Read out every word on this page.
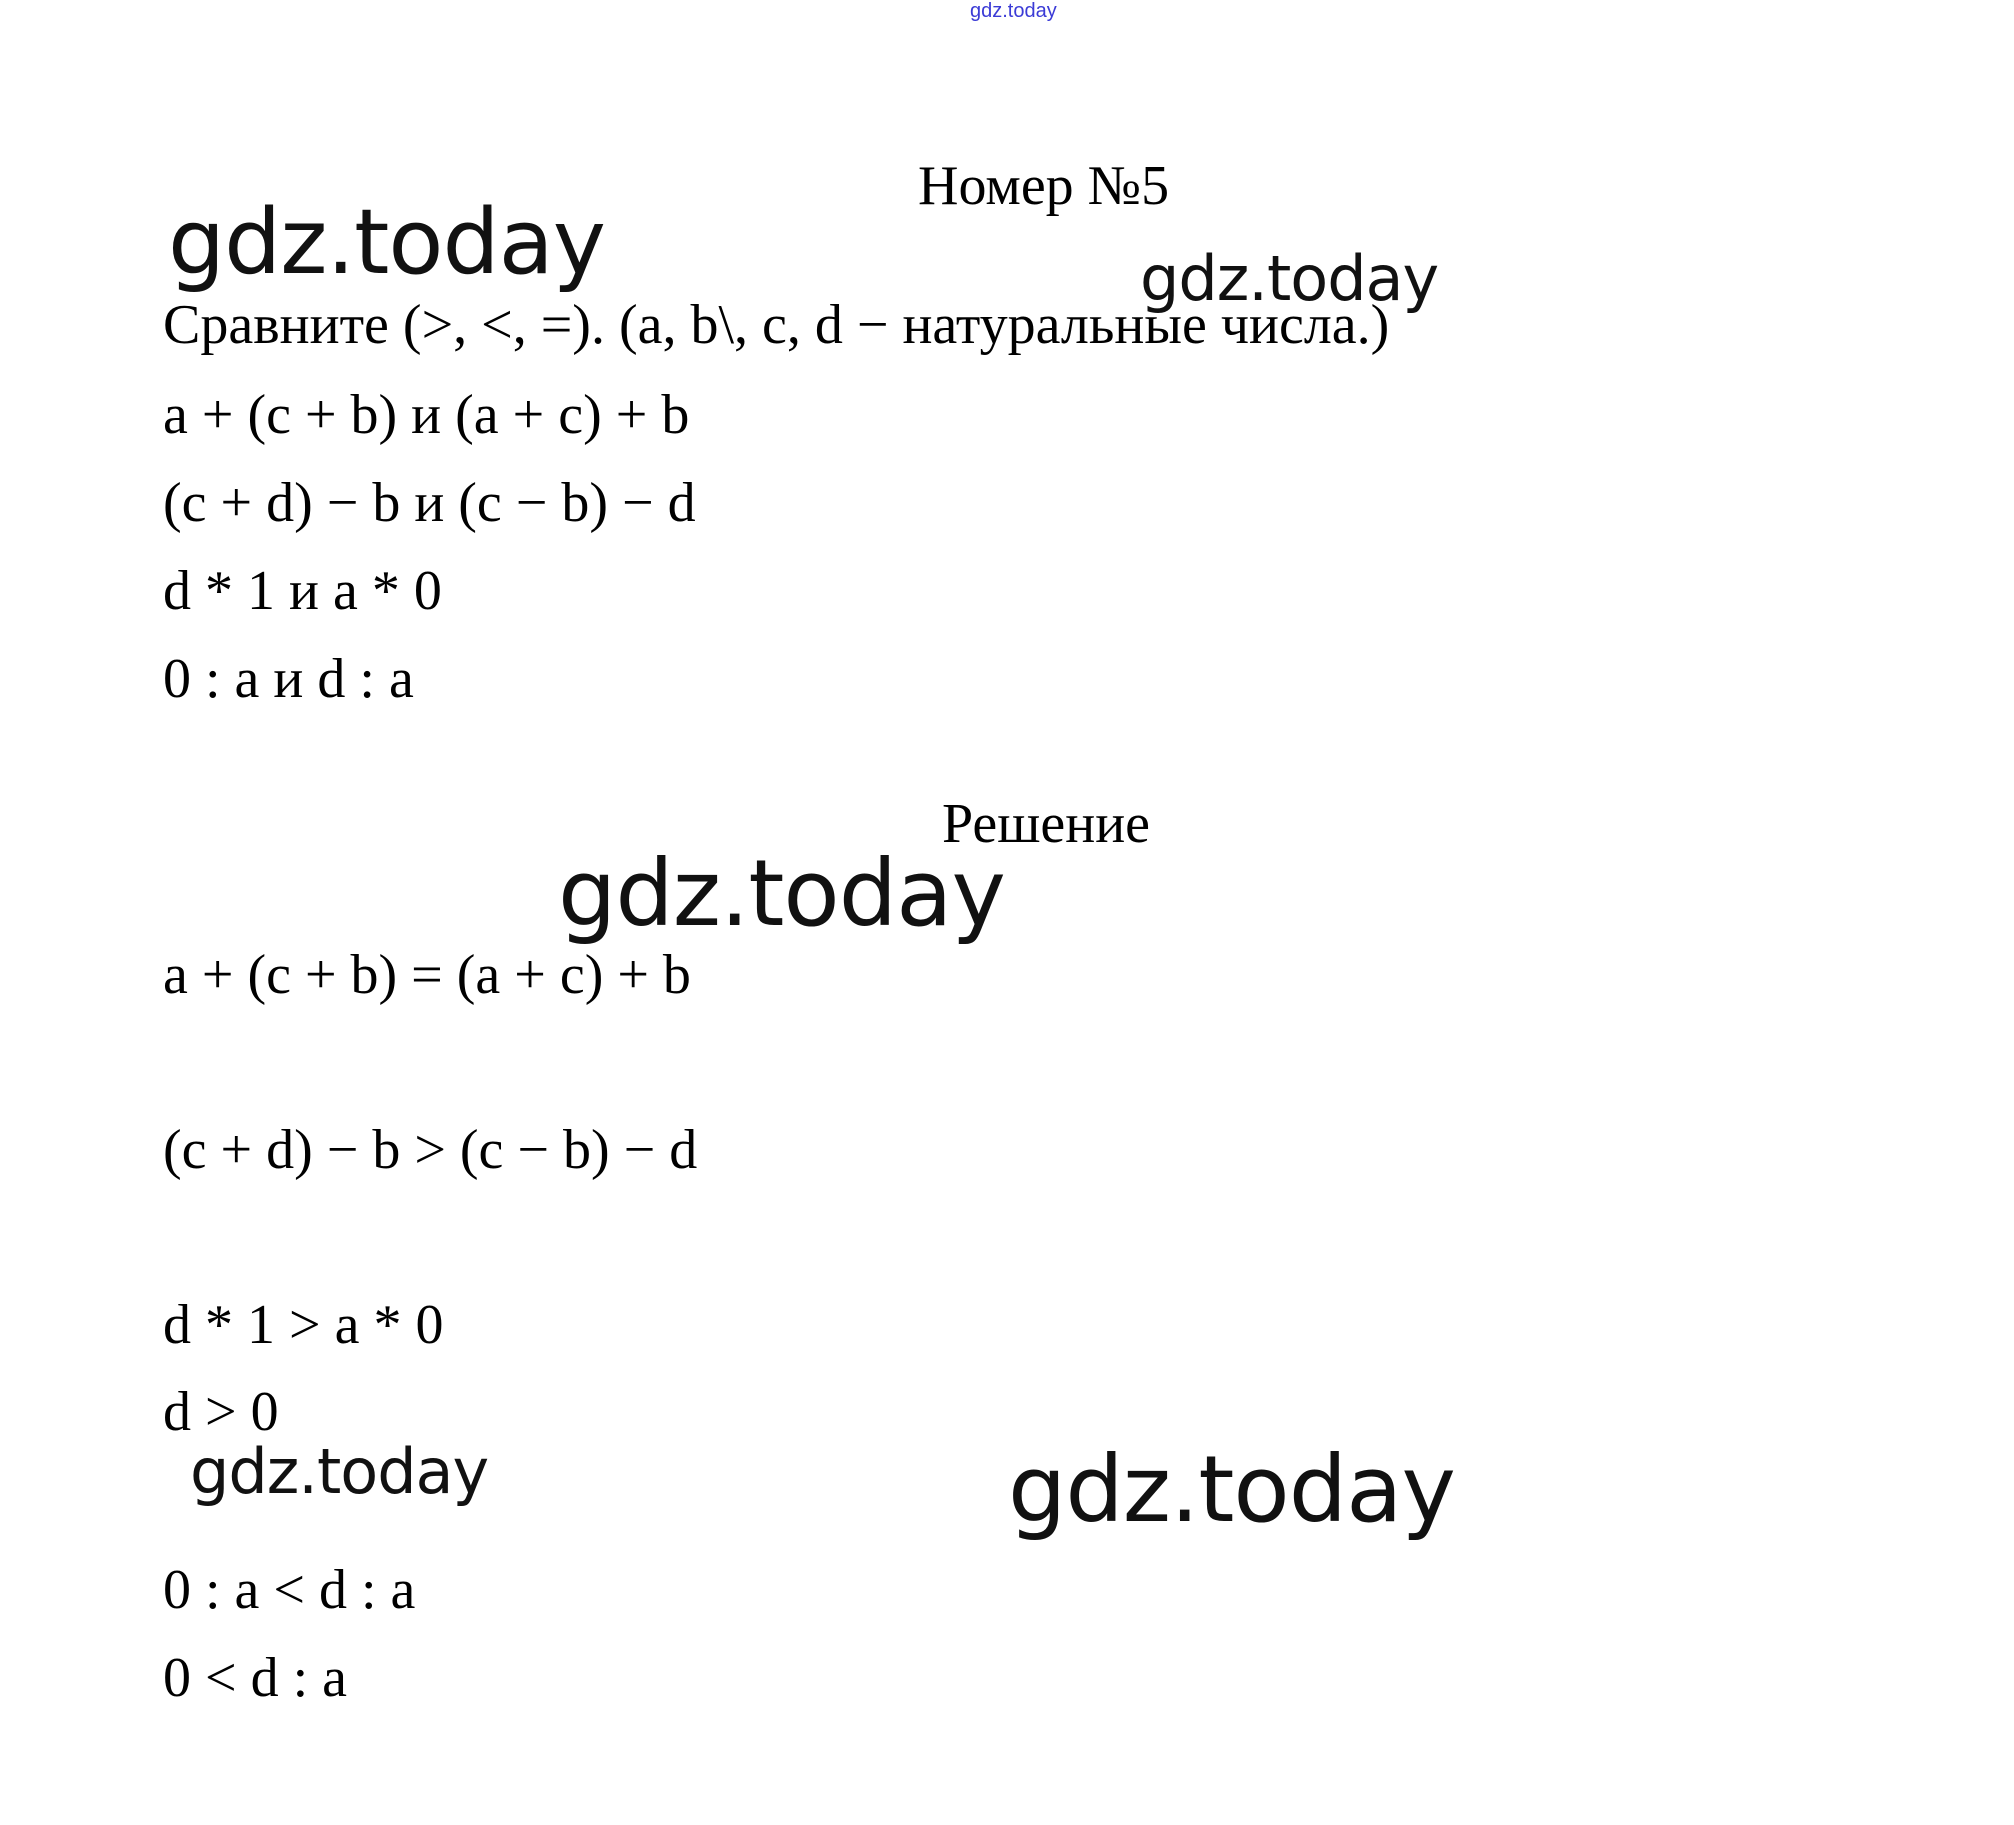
gdz.today
Номер №5
Сравните (>, <, =). (a, b\, c, d − натуральные числа.)
a + (c + b) и (a + c) + b
(c + d) − b и (c − b) − d
d * 1 и a * 0
0 : a и d : a
Решение
a + (c + b) = (a + c) + b
(c + d) − b > (c − b) − d
d * 1 > a * 0
d > 0
0 : a < d : a
0 < d : a
gdz.today	gdz.today
gdz.today
gdz.today	gdz.today
